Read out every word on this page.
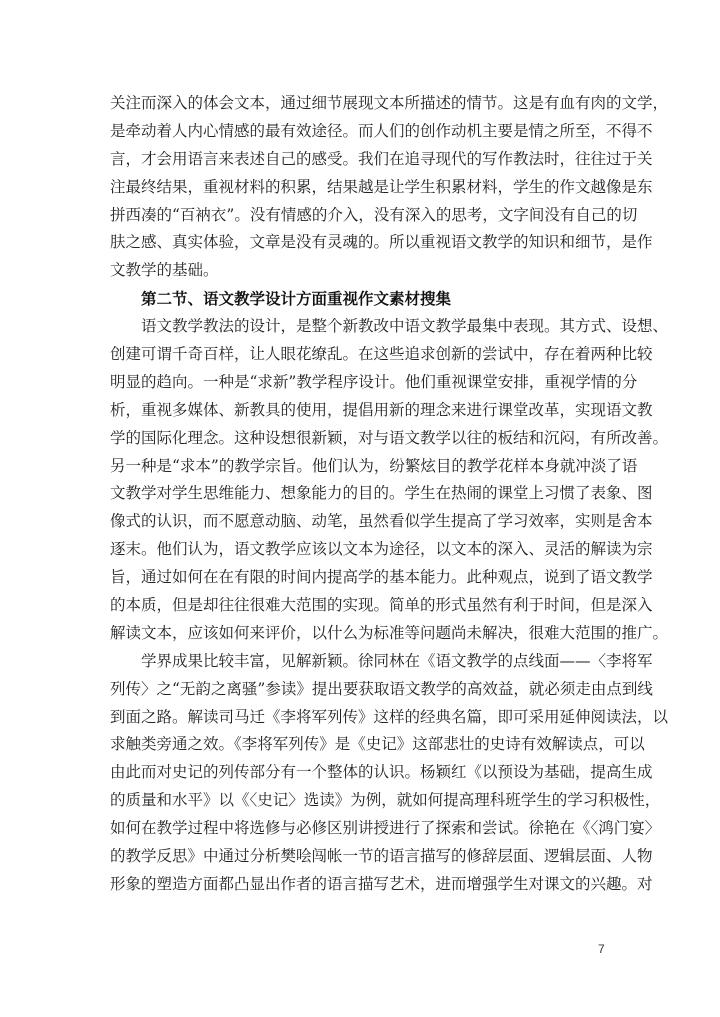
关注而深入的体会文本，通过细节展现文本所描述的情节。这是有血有肉的文学，
是牵动着人内心情感的最有效途径。而人们的创作动机主要是情之所至，不得不
言，才会用语言来表述自己的感受。我们在追寻现代的写作教法时，往往过于关
注最终结果，重视材料的积累，结果越是让学生积累材料，学生的作文越像是东
拼西凑的“百衲衣”。没有情感的介入，没有深入的思考，文字间没有自己的切
肤之感、真实体验，文章是没有灵魂的。所以重视语文教学的知识和细节，是作
文教学的基础。
第二节、语文教学设计方面重视作文素材搜集
语文教学教法的设计，是整个新教改中语文教学最集中表现。其方式、设想、
创建可谓千奇百样，让人眼花缭乱。在这些追求创新的尝试中，存在着两种比较
明显的趋向。一种是“求新”教学程序设计。他们重视课堂安排，重视学情的分
析，重视多媒体、新教具的使用，提倡用新的理念来进行课堂改革，实现语文教
学的国际化理念。这种设想很新颖，对与语文教学以往的板结和沉闷，有所改善。
另一种是“求本”的教学宗旨。他们认为，纷繁炫目的教学花样本身就冲淡了语
文教学对学生思维能力、想象能力的目的。学生在热闹的课堂上习惯了表象、图
像式的认识，而不愿意动脑、动笔，虽然看似学生提高了学习效率，实则是舍本
逐末。他们认为，语文教学应该以文本为途径，以文本的深入、灵活的解读为宗
旨，通过如何在在有限的时间内提高学的基本能力。此种观点，说到了语文教学
的本质，但是却往往很难大范围的实现。简单的形式虽然有利于时间，但是深入
解读文本，应该如何来评价，以什么为标准等问题尚未解决，很难大范围的推广。
学界成果比较丰富，见解新颖。徐同林在《语文教学的点线面——〈李将军
列传〉之“无韵之离骚”参读》提出要获取语文教学的高效益，就必须走由点到线
到面之路。解读司马迁《李将军列传》这样的经典名篇，即可采用延伸阅读法，以
求触类旁通之效。《李将军列传》是《史记》这部悲壮的史诗有效解读点，可以
由此而对史记的列传部分有一个整体的认识。杨颖红《以预设为基础，提高生成
的质量和水平》以《〈史记〉选读》为例，就如何提高理科班学生的学习积极性，
如何在教学过程中将选修与必修区别讲授进行了探索和尝试。徐艳在《〈鸿门宴〉
的教学反思》中通过分析樊哙闯帐一节的语言描写的修辞层面、逻辑层面、人物
形象的塑造方面都凸显出作者的语言描写艺术，进而增强学生对课文的兴趣。对
7
